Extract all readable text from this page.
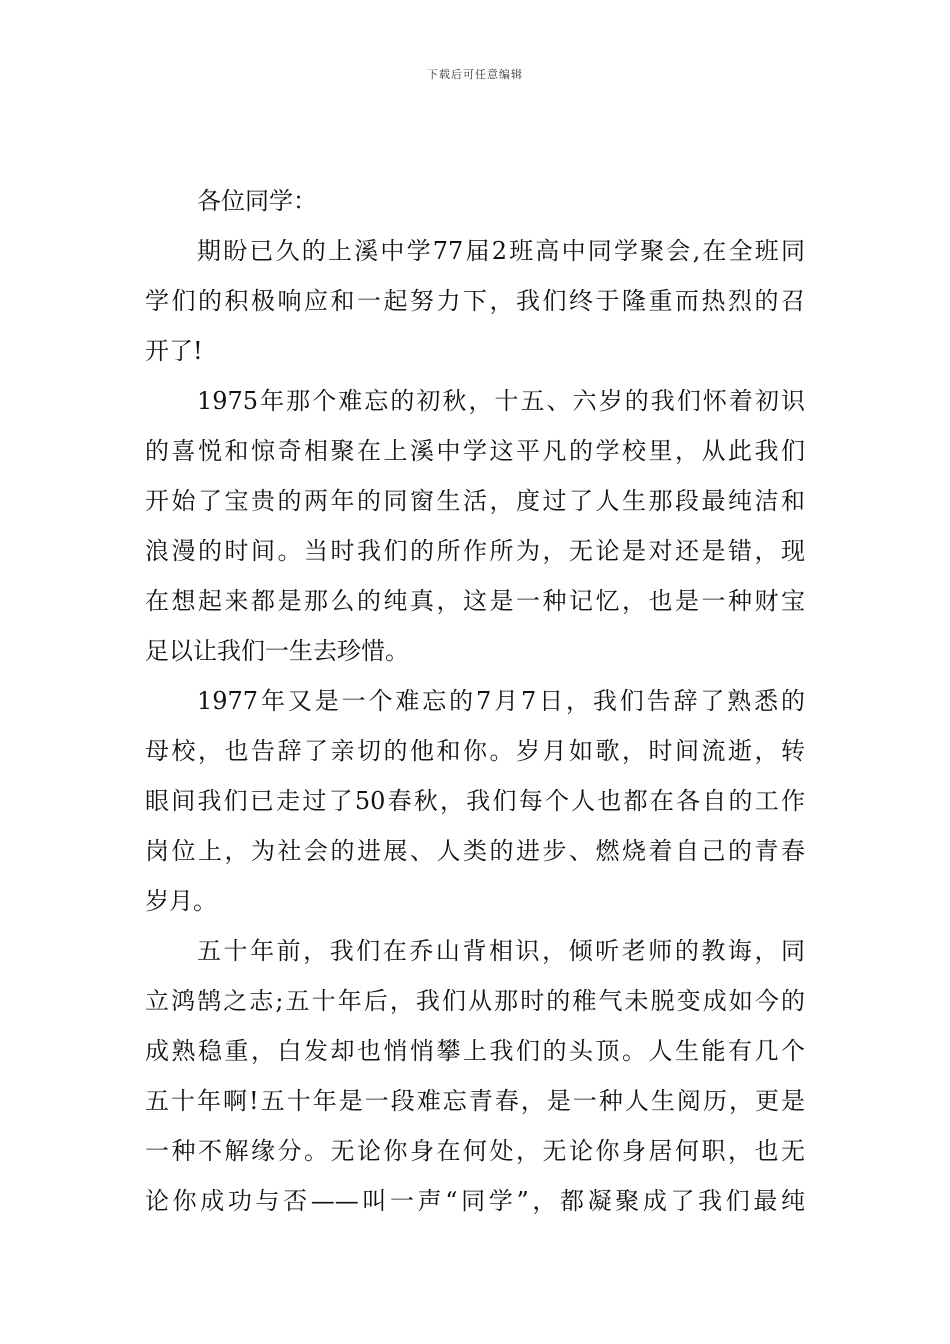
下载后可任意编辑
各位同学：
期盼已久的上溪中学77届2班高中同学聚会,在全班同
学们的积极响应和一起努力下，我们终于隆重而热烈的召
开了!
1975年那个难忘的初秋，十五、六岁的我们怀着初识
的喜悦和惊奇相聚在上溪中学这平凡的学校里，从此我们
开始了宝贵的两年的同窗生活，度过了人生那段最纯洁和
浪漫的时间。当时我们的所作所为，无论是对还是错，现
在想起来都是那么的纯真，这是一种记忆，也是一种财宝
足以让我们一生去珍惜。
1977年又是一个难忘的7月7日，我们告辞了熟悉的
母校，也告辞了亲切的他和你。岁月如歌，时间流逝，转
眼间我们已走过了50春秋，我们每个人也都在各自的工作
岗位上，为社会的进展、人类的进步、燃烧着自己的青春
岁月。
五十年前，我们在乔山背相识，倾听老师的教诲，同
立鸿鹄之志;五十年后，我们从那时的稚气未脱变成如今的
成熟稳重，白发却也悄悄攀上我们的头顶。人生能有几个
五十年啊!五十年是一段难忘青春，是一种人生阅历，更是
一种不解缘分。无论你身在何处，无论你身居何职，也无
论你成功与否——叫一声“同学”，都凝聚成了我们最纯
